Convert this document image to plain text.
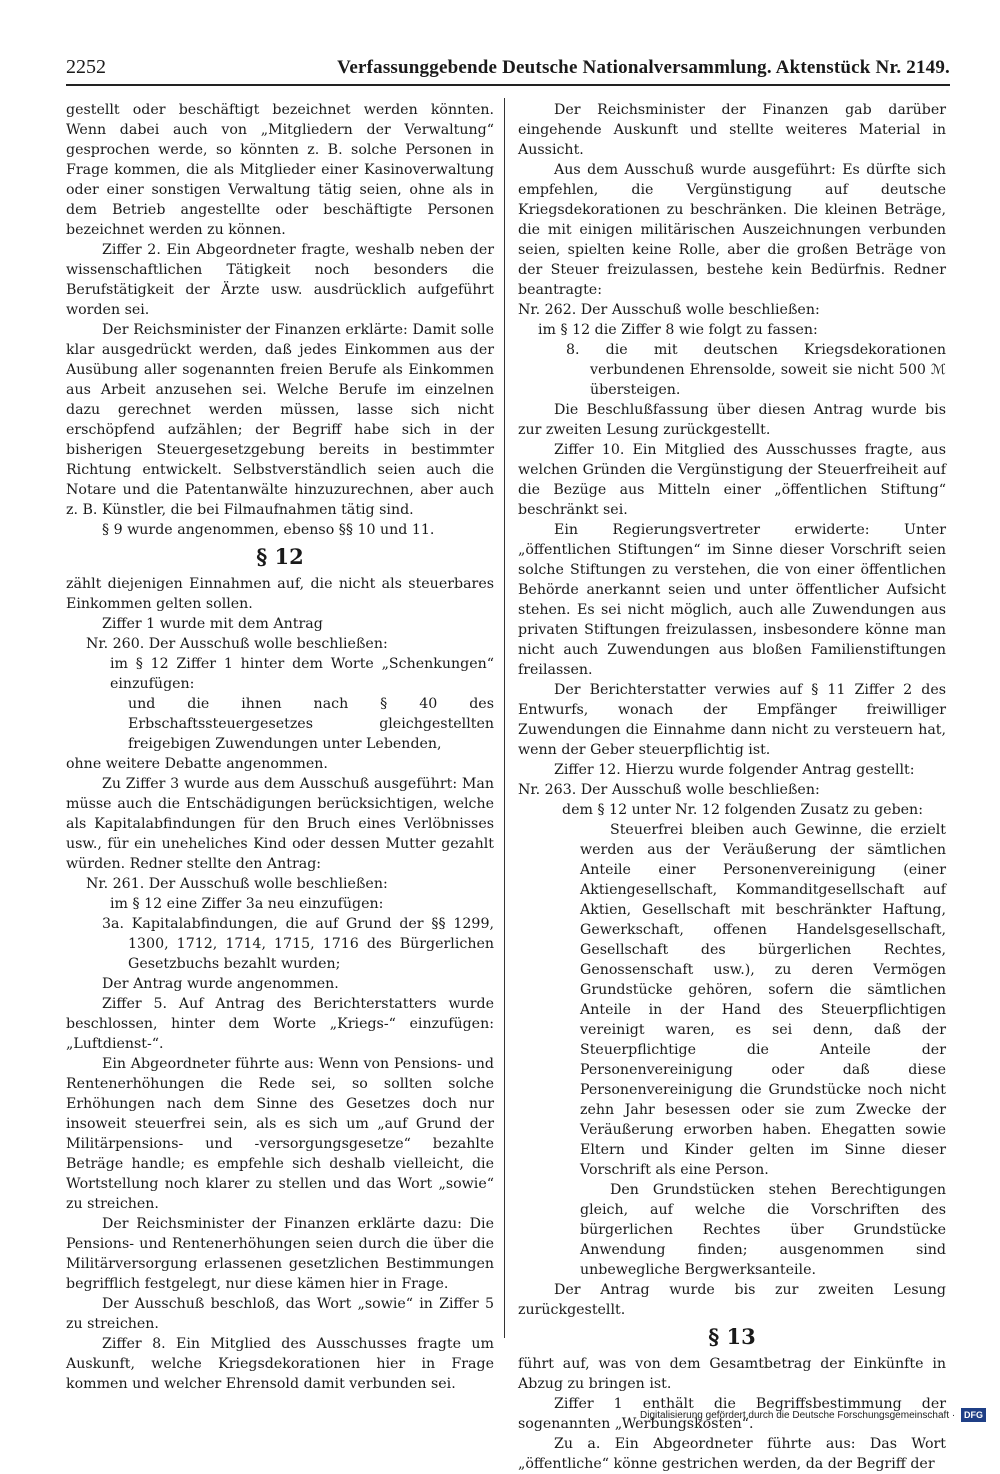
2252	Verfassunggebende Deutsche Nationalversammlung. Aktenstück Nr. 2149.

gestellt oder beschäftigt bezeichnet werden könnten. Wenn dabei auch von „Mitgliedern der Verwaltung“ gesprochen werde, so könnten z. B. solche Personen in Frage kommen, die als Mitglieder einer Kasinoverwaltung oder einer sonstigen Verwaltung tätig seien, ohne als in dem Betrieb angestellte oder beschäftigte Personen bezeichnet werden zu können.

Ziffer 2. Ein Abgeordneter fragte, weshalb neben der wissenschaftlichen Tätigkeit noch besonders die Berufstätigkeit der Ärzte usw. ausdrücklich aufgeführt worden sei.

Der Reichsminister der Finanzen erklärte: Damit solle klar ausgedrückt werden, daß jedes Einkommen aus der Ausübung aller sogenannten freien Berufe als Einkommen aus Arbeit anzusehen sei. Welche Berufe im einzelnen dazu gerechnet werden müssen, lasse sich nicht erschöpfend aufzählen; der Begriff habe sich in der bisherigen Steuergesetzgebung bereits in bestimmter Richtung entwickelt. Selbstverständlich seien auch die Notare und die Patentanwälte hinzuzurechnen, aber auch z. B. Künstler, die bei Filmaufnahmen tätig sind.

§ 9 wurde angenommen, ebenso §§ 10 und 11.

§ 12

zählt diejenigen Einnahmen auf, die nicht als steuerbares Einkommen gelten sollen.

Ziffer 1 wurde mit dem Antrag

Nr. 260. Der Ausschuß wolle beschließen:

im § 12 Ziffer 1 hinter dem Worte „Schenkungen“ einzufügen:

und die ihnen nach § 40 des Erbschaftssteuergesetzes gleichgestellten freigebigen Zuwendungen unter Lebenden,

ohne weitere Debatte angenommen.

Zu Ziffer 3 wurde aus dem Ausschuß ausgeführt: Man müsse auch die Entschädigungen berücksichtigen, welche als Kapitalabfindungen für den Bruch eines Verlöbnisses usw., für ein uneheliches Kind oder dessen Mutter gezahlt würden. Redner stellte den Antrag:

Nr. 261. Der Ausschuß wolle beschließen:

im § 12 eine Ziffer 3a neu einzufügen:

3a. Kapitalabfindungen, die auf Grund der §§ 1299, 1300, 1712, 1714, 1715, 1716 des Bürgerlichen Gesetzbuchs bezahlt wurden;

Der Antrag wurde angenommen.

Ziffer 5. Auf Antrag des Berichterstatters wurde beschlossen, hinter dem Worte „Kriegs-“ einzufügen: „Luftdienst-“.

Ein Abgeordneter führte aus: Wenn von Pensions- und Rentenerhöhungen die Rede sei, so sollten solche Erhöhungen nach dem Sinne des Gesetzes doch nur insoweit steuerfrei sein, als es sich um „auf Grund der Militärpensions- und -versorgungsgesetze“ bezahlte Beträge handle; es empfehle sich deshalb vielleicht, die Wortstellung noch klarer zu stellen und das Wort „sowie“ zu streichen.

Der Reichsminister der Finanzen erklärte dazu: Die Pensions- und Rentenerhöhungen seien durch die über die Militärversorgung erlassenen gesetzlichen Bestimmungen begrifflich festgelegt, nur diese kämen hier in Frage.

Der Ausschuß beschloß, das Wort „sowie“ in Ziffer 5 zu streichen.

Ziffer 8. Ein Mitglied des Ausschusses fragte um Auskunft, welche Kriegsdekorationen hier in Frage kommen und welcher Ehrensold damit verbunden sei.

Der Reichsminister der Finanzen gab darüber eingehende Auskunft und stellte weiteres Material in Aussicht.

Aus dem Ausschuß wurde ausgeführt: Es dürfte sich empfehlen, die Vergünstigung auf deutsche Kriegsdekorationen zu beschränken. Die kleinen Beträge, die mit einigen militärischen Auszeichnungen verbunden seien, spielten keine Rolle, aber die großen Beträge von der Steuer freizulassen, bestehe kein Bedürfnis. Redner beantragte:

Nr. 262. Der Ausschuß wolle beschließen:

im § 12 die Ziffer 8 wie folgt zu fassen:

8. die mit deutschen Kriegsdekorationen verbundenen Ehrensolde, soweit sie nicht 500 ℳ übersteigen.

Die Beschlußfassung über diesen Antrag wurde bis zur zweiten Lesung zurückgestellt.

Ziffer 10. Ein Mitglied des Ausschusses fragte, aus welchen Gründen die Vergünstigung der Steuerfreiheit auf die Bezüge aus Mitteln einer „öffentlichen Stiftung“ beschränkt sei.

Ein Regierungsvertreter erwiderte: Unter „öffentlichen Stiftungen“ im Sinne dieser Vorschrift seien solche Stiftungen zu verstehen, die von einer öffentlichen Behörde anerkannt seien und unter öffentlicher Aufsicht stehen. Es sei nicht möglich, auch alle Zuwendungen aus privaten Stiftungen freizulassen, insbesondere könne man nicht auch Zuwendungen aus bloßen Familienstiftungen freilassen.

Der Berichterstatter verwies auf § 11 Ziffer 2 des Entwurfs, wonach der Empfänger freiwilliger Zuwendungen die Einnahme dann nicht zu versteuern hat, wenn der Geber steuerpflichtig ist.

Ziffer 12. Hierzu wurde folgender Antrag gestellt:

Nr. 263. Der Ausschuß wolle beschließen:

dem § 12 unter Nr. 12 folgenden Zusatz zu geben:

Steuerfrei bleiben auch Gewinne, die erzielt werden aus der Veräußerung der sämtlichen Anteile einer Personenvereinigung (einer Aktiengesellschaft, Kommanditgesellschaft auf Aktien, Gesellschaft mit beschränkter Haftung, Gewerkschaft, offenen Handelsgesellschaft, Gesellschaft des bürgerlichen Rechtes, Genossenschaft usw.), zu deren Vermögen Grundstücke gehören, sofern die sämtlichen Anteile in der Hand des Steuerpflichtigen vereinigt waren, es sei denn, daß der Steuerpflichtige die Anteile der Personenvereinigung oder daß diese Personenvereinigung die Grundstücke noch nicht zehn Jahr besessen oder sie zum Zwecke der Veräußerung erworben haben. Ehegatten sowie Eltern und Kinder gelten im Sinne dieser Vorschrift als eine Person.

Den Grundstücken stehen Berechtigungen gleich, auf welche die Vorschriften des bürgerlichen Rechtes über Grundstücke Anwendung finden; ausgenommen sind unbewegliche Bergwerksanteile.

Der Antrag wurde bis zur zweiten Lesung zurückgestellt.

§ 13

führt auf, was von dem Gesamtbetrag der Einkünfte in Abzug zu bringen ist.

Ziffer 1 enthält die Begriffsbestimmung der sogenannten „Werbungskosten“.

Zu a. Ein Abgeordneter führte aus: Das Wort „öffentliche“ könne gestrichen werden, da der Begriff der

Digitalisierung gefördert durch die Deutsche Forschungsgemeinschaft · DFG
